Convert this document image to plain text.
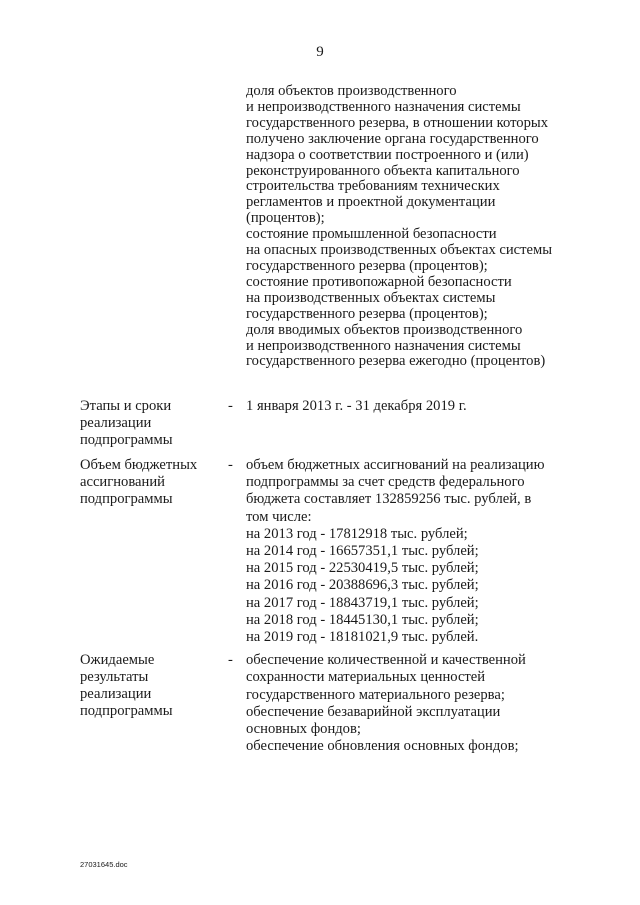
9
доля объектов производственного
и непроизводственного назначения системы
государственного резерва, в отношении которых
получено заключение органа государственного
надзора о соответствии построенного и (или)
реконструированного объекта капитального
строительства требованиям технических
регламентов и проектной документации
(процентов);
состояние промышленной безопасности
на опасных производственных объектах системы
государственного резерва (процентов);
состояние противопожарной безопасности
на производственных объектах системы
государственного резерва (процентов);
доля вводимых объектов производственного
и непроизводственного назначения системы
государственного резерва ежегодно (процентов)
Этапы и сроки
реализации
подпрограммы
- 1 января 2013 г. - 31 декабря 2019 г.
Объем бюджетных
ассигнований
подпрограммы
- объем бюджетных ассигнований на реализацию
подпрограммы за счет средств федерального
бюджета составляет 132859256 тыс. рублей, в
том числе:
на 2013 год - 17812918 тыс. рублей;
на 2014 год - 16657351,1 тыс. рублей;
на 2015 год - 22530419,5 тыс. рублей;
на 2016 год - 20388696,3 тыс. рублей;
на 2017 год - 18843719,1 тыс. рублей;
на 2018 год - 18445130,1 тыс. рублей;
на 2019 год - 18181021,9 тыс. рублей.
Ожидаемые
результаты
реализации
подпрограммы
- обеспечение количественной и качественной
сохранности материальных ценностей
государственного материального резерва;
обеспечение безаварийной эксплуатации
основных фондов;
обеспечение обновления основных фондов;
27031645.doc
